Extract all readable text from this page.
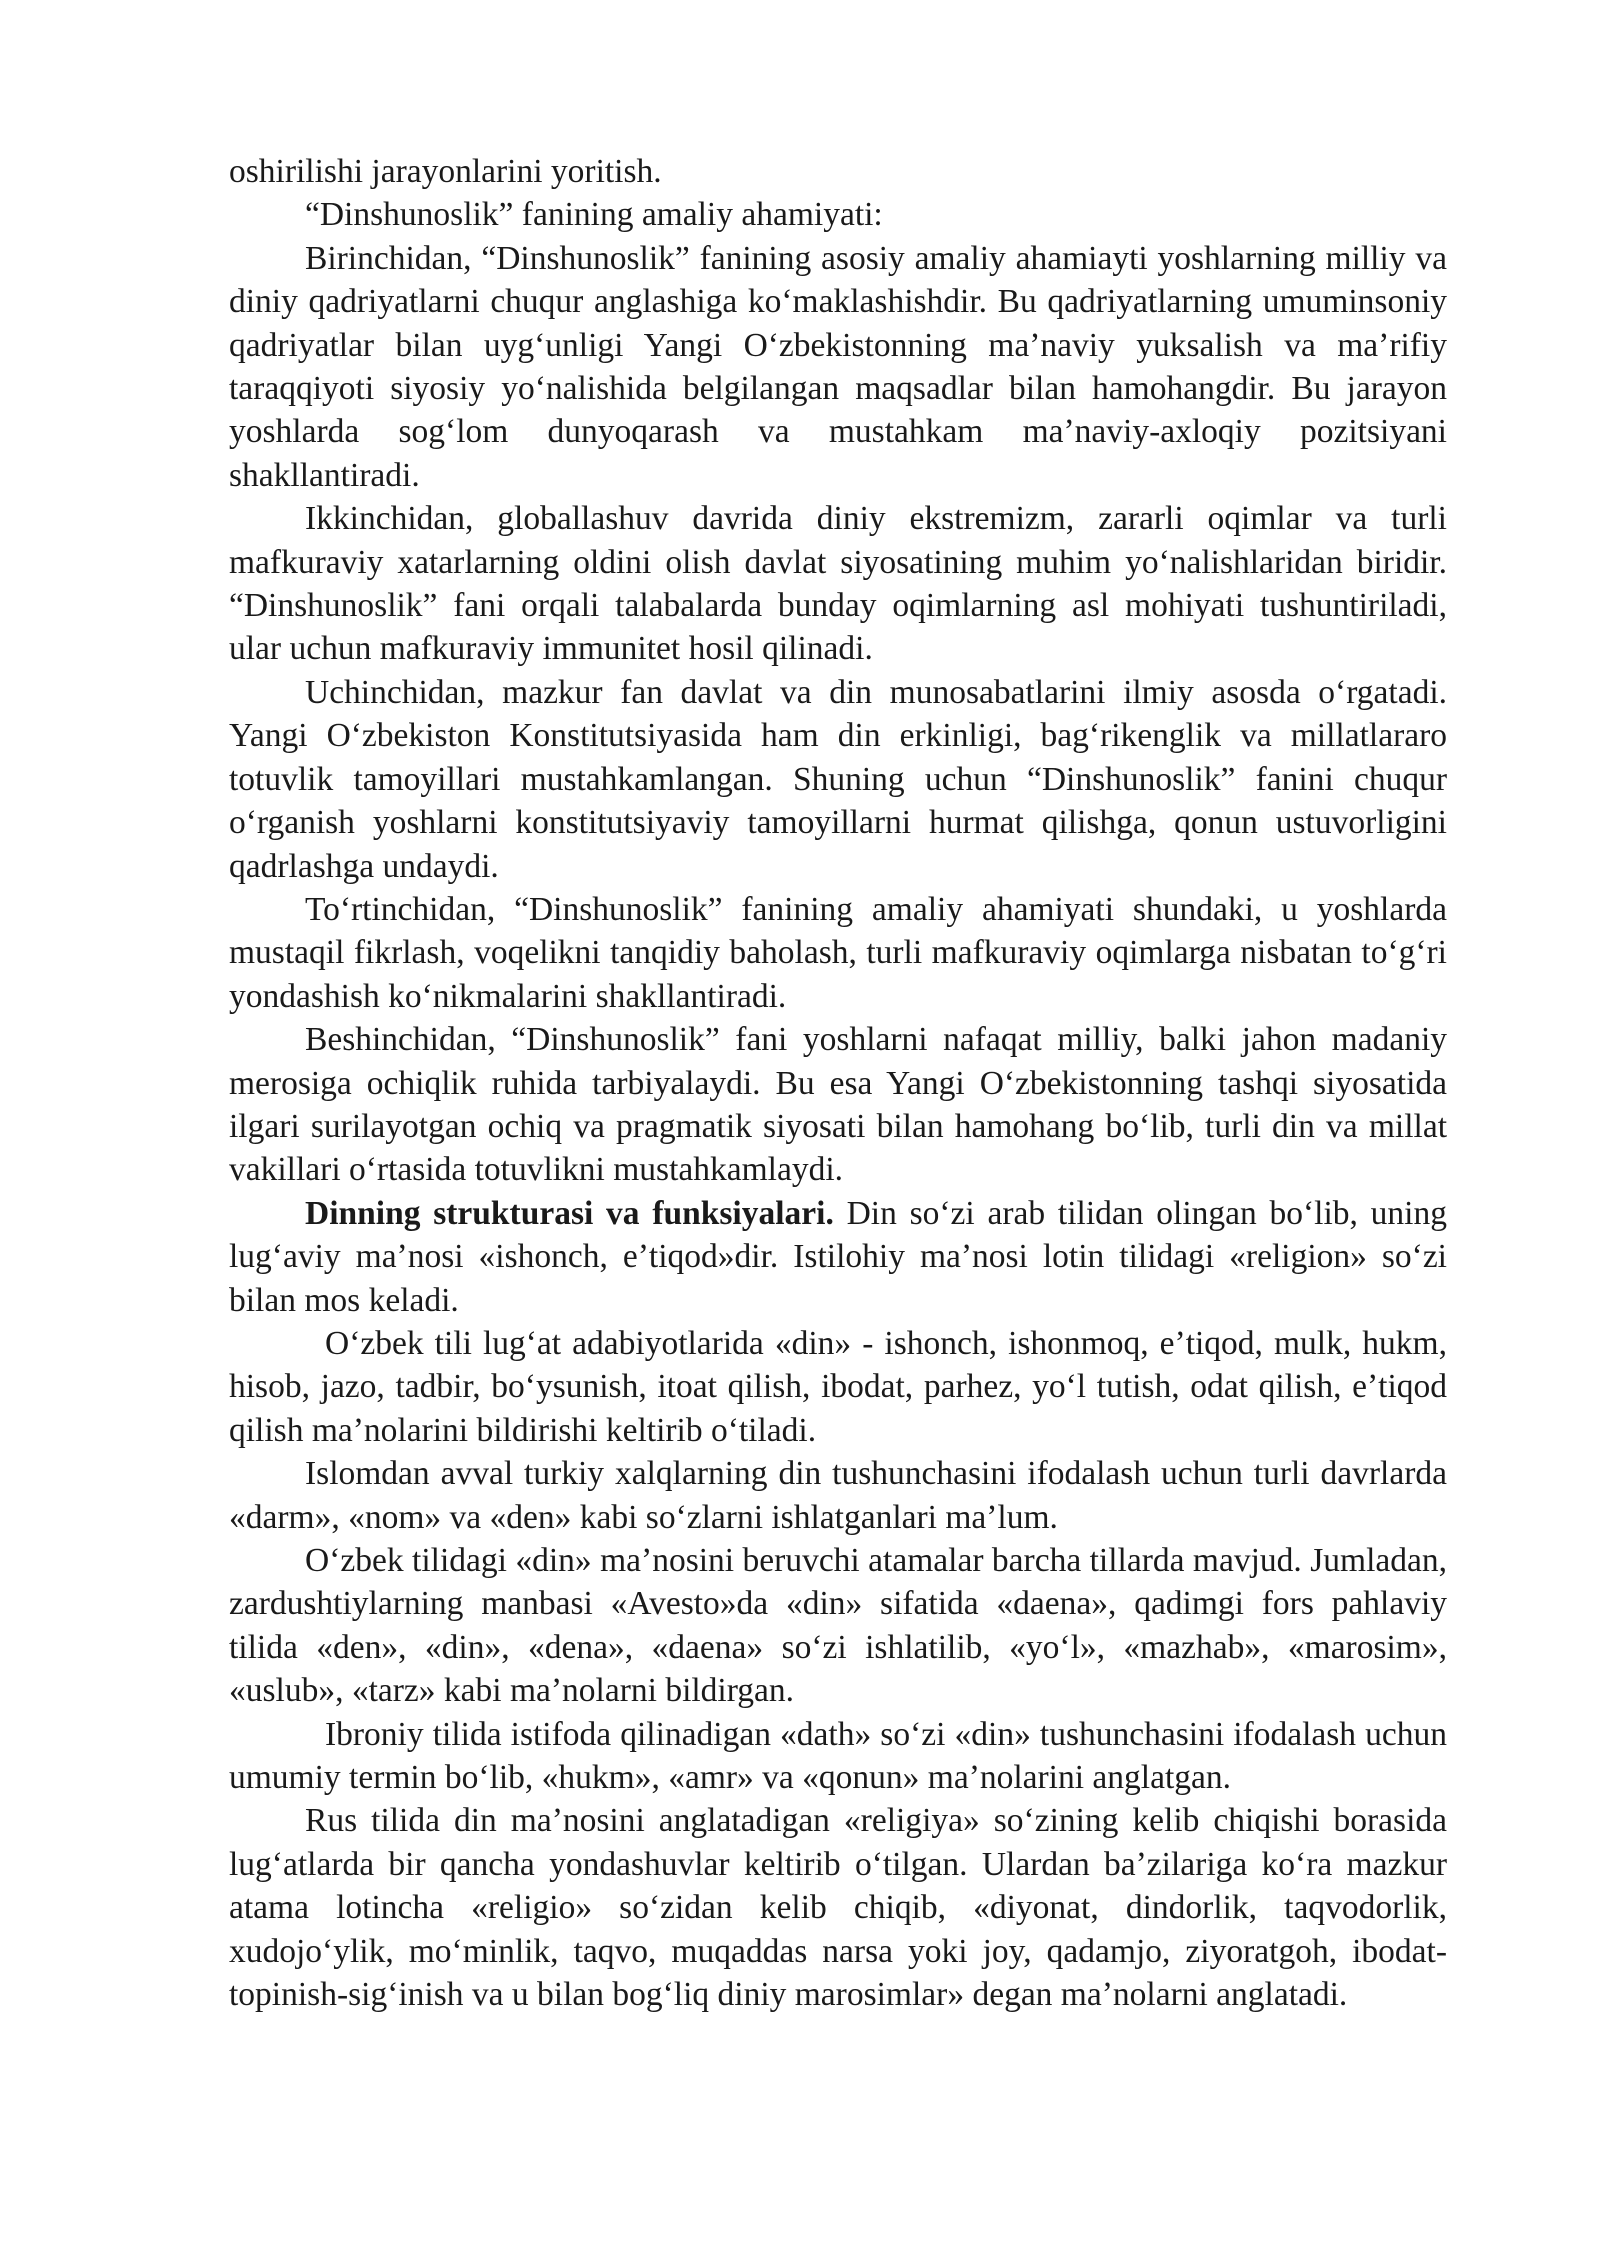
oshirilishi jarayonlarini yoritish.

“Dinshunoslik” fanining amaliy ahamiyati:

Birinchidan, “Dinshunoslik” fanining asosiy amaliy ahamiayti yoshlarning milliy va diniy qadriyatlarni chuqur anglashiga koʻmaklashishdir. Bu qadriyatlarning umuminsoniy qadriyatlar bilan uygʻunligi Yangi Oʻzbekistonning maʼnaviy yuksalish va maʼrifiy taraqqiyoti siyosiy yoʻnalishida belgilangan maqsadlar bilan hamohangdir. Bu jarayon yoshlarda sogʻlom dunyoqarash va mustahkam maʼnaviy-axloqiy pozitsiyani shakllantiradi.

Ikkinchidan, globallashuv davrida diniy ekstremizm, zararli oqimlar va turli mafkuraviy xatarlarning oldini olish davlat siyosatining muhim yoʻnalishlaridan biridir. “Dinshunoslik” fani orqali talabalarda bunday oqimlarning asl mohiyati tushuntiriladi, ular uchun mafkuraviy immunitet hosil qilinadi.

Uchinchidan, mazkur fan davlat va din munosabatlarini ilmiy asosda oʻrgatadi. Yangi Oʻzbekiston Konstitutsiyasida ham din erkinligi, bagʻrikenglik va millatlararo totuvlik tamoyillari mustahkamlangan. Shuning uchun “Dinshunoslik” fanini chuqur oʻrganish yoshlarni konstitutsiyaviy tamoyillarni hurmat qilishga, qonun ustuvorligini qadrlashga undaydi.

Toʻrtinchidan, “Dinshunoslik” fanining amaliy ahamiyati shundaki, u yoshlarda mustaqil fikrlash, voqelikni tanqidiy baholash, turli mafkuraviy oqimlarga nisbatan toʻgʻri yondashish koʻnikmalarini shakllantiradi.

Beshinchidan, “Dinshunoslik” fani yoshlarni nafaqat milliy, balki jahon madaniy merosiga ochiqlik ruhida tarbiyalaydi. Bu esa Yangi Oʻzbekistonning tashqi siyosatida ilgari surilayotgan ochiq va pragmatik siyosati bilan hamohang boʻlib, turli din va millat vakillari oʻrtasida totuvlikni mustahkamlaydi.

Dinning strukturasi va funksiyalari. Din soʻzi arab tilidan olingan boʻlib, uning lugʻaviy maʼnosi «ishonch, eʼtiqod»dir. Istilohiy maʼnosi lotin tilidagi «religion» soʻzi bilan mos keladi.

Oʻzbek tili lugʻat adabiyotlarida «din» - ishonch, ishonmoq, eʼtiqod, mulk, hukm, hisob, jazo, tadbir, boʻysunish, itoat qilish, ibodat, parhez, yoʻl tutish, odat qilish, eʼtiqod qilish maʼnolarini bildirishi keltirib oʻtiladi.

Islomdan avval turkiy xalqlarning din tushunchasini ifodalash uchun turli davrlarda «darm», «nom» va «den» kabi soʻzlarni ishlatganlari maʼlum.

Oʻzbek tilidagi «din» maʼnosini beruvchi atamalar barcha tillarda mavjud. Jumladan, zardushtiylarning manbasi «Avesto»da «din» sifatida «daena», qadimgi fors pahlaviy tilida «den», «din», «dena», «daena» soʻzi ishlatilib, «yoʻl», «mazhab», «marosim», «uslub», «tarz» kabi maʼnolarni bildirgan.

Ibroniy tilida istifoda qilinadigan «dath» soʻzi «din» tushunchasini ifodalash uchun umumiy termin boʻlib, «hukm», «amr» va «qonun» maʼnolarini anglatgan.

Rus tilida din maʼnosini anglatadigan «religiya» soʻzining kelib chiqishi borasida lugʻatlarda bir qancha yondashuvlar keltirib oʻtilgan. Ulardan baʼzilariga koʻra mazkur atama lotincha «religio» soʻzidan kelib chiqib, «diyonat, dindorlik, taqvodorlik, xudojoʻylik, moʻminlik, taqvo, muqaddas narsa yoki joy, qadamjo, ziyoratgoh, ibodat-topinish-sigʻinish va u bilan bogʻliq diniy marosimlar» degan maʼnolarni anglatadi.
